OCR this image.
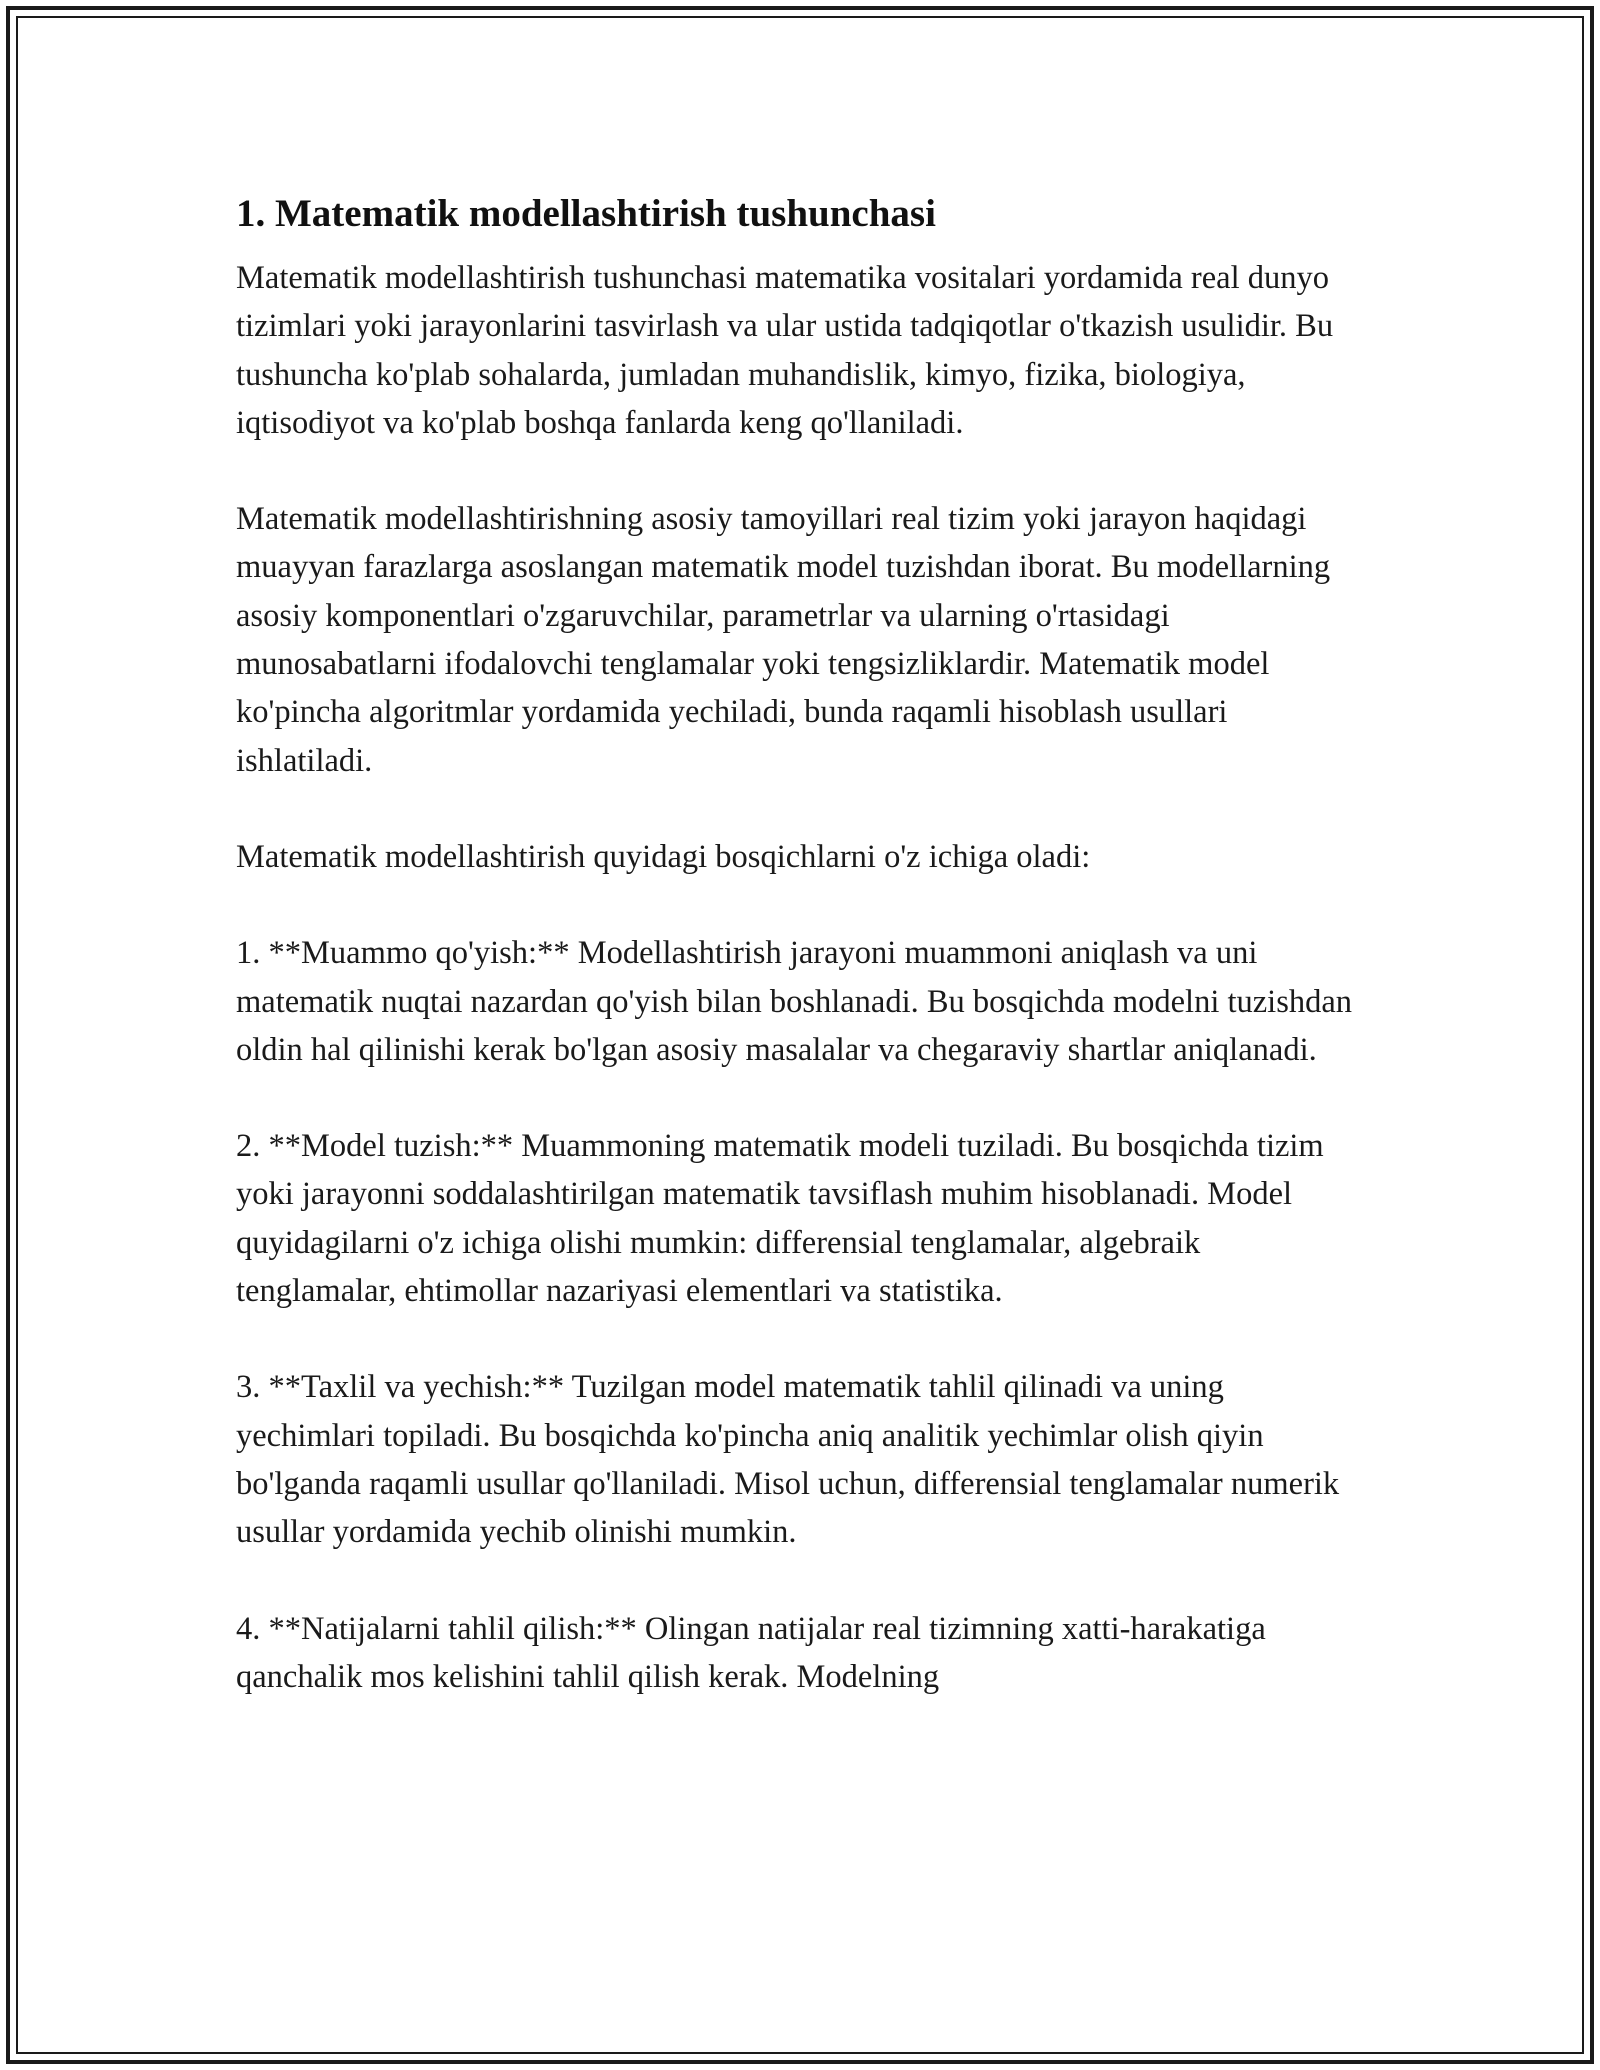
1. Matematik modellashtirish tushunchasi

Matematik modellashtirish tushunchasi matematika vositalari yordamida real dunyo tizimlari yoki jarayonlarini tasvirlash va ular ustida tadqiqotlar o'tkazish usulidir. Bu tushuncha ko'plab sohalarda, jumladan muhandislik, kimyo, fizika, biologiya, iqtisodiyot va ko'plab boshqa fanlarda keng qo'llaniladi.

Matematik modellashtirishning asosiy tamoyillari real tizim yoki jarayon haqidagi muayyan farazlarga asoslangan matematik model tuzishdan iborat. Bu modellarning asosiy komponentlari o'zgaruvchilar, parametrlar va ularning o'rtasidagi munosabatlarni ifodalovchi tenglamalar yoki tengsizliklardir. Matematik model ko'pincha algoritmlar yordamida yechiladi, bunda raqamli hisoblash usullari ishlatiladi.

Matematik modellashtirish quyidagi bosqichlarni o'z ichiga oladi:

1. **Muammo qo'yish:** Modellashtirish jarayoni muammoni aniqlash va uni matematik nuqtai nazardan qo'yish bilan boshlanadi. Bu bosqichda modelni tuzishdan oldin hal qilinishi kerak bo'lgan asosiy masalalar va chegaraviy shartlar aniqlanadi.

2. **Model tuzish:** Muammoning matematik modeli tuziladi. Bu bosqichda tizim yoki jarayonni soddalashtirilgan matematik tavsiflash muhim hisoblanadi. Model quyidagilarni o'z ichiga olishi mumkin: differensial tenglamalar, algebraik tenglamalar, ehtimollar nazariyasi elementlari va statistika.

3. **Taxlil va yechish:** Tuzilgan model matematik tahlil qilinadi va uning yechimlari topiladi. Bu bosqichda ko'pincha aniq analitik yechimlar olish qiyin bo'lganda raqamli usullar qo'llaniladi. Misol uchun, differensial tenglamalar numerik usullar yordamida yechib olinishi mumkin.

4. **Natijalarni tahlil qilish:** Olingan natijalar real tizimning xatti-harakatiga qanchalik mos kelishini tahlil qilish kerak. Modelning
